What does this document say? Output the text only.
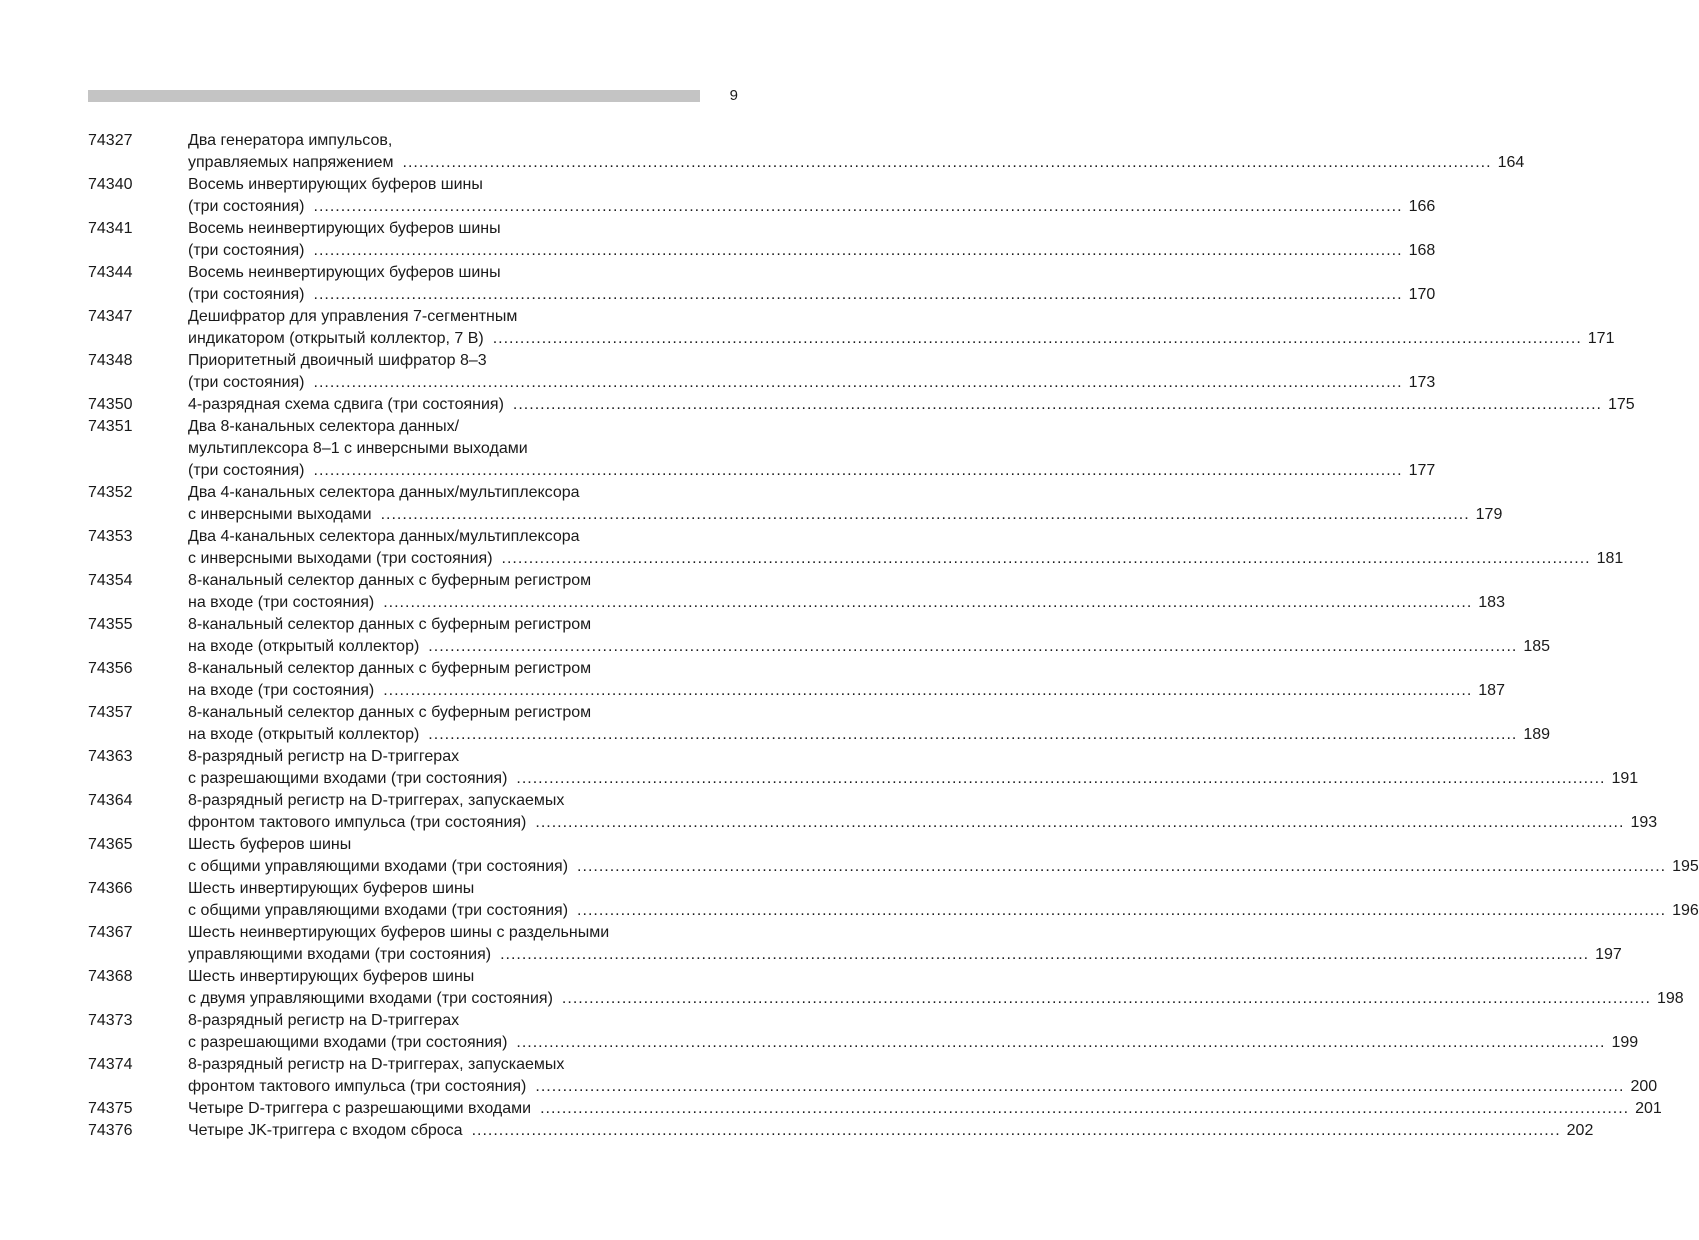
9
74327	Два генератора импульсов,
управляемых напряжением ........................................................................................................................................................................................................ 164
74340	Восемь инвертирующих буферов шины
(три состояния) ........................................................................................................................................................................................................ 166
74341	Восемь неинвертирующих буферов шины
(три состояния) ........................................................................................................................................................................................................ 168
74344	Восемь неинвертирующих буферов шины
(три состояния) ........................................................................................................................................................................................................ 170
74347	Дешифратор для управления 7-сегментным
индикатором (открытый коллектор, 7 В) ........................................................................................................................................................................................................ 171
74348	Приоритетный двоичный шифратор 8–3
(три состояния) ........................................................................................................................................................................................................ 173
74350	4-разрядная схема сдвига (три состояния) ........................................................................................................................................................................................................ 175
74351	Два 8-канальных селектора данных/
мультиплексора 8–1 с инверсными выходами
(три состояния) ........................................................................................................................................................................................................ 177
74352	Два 4-канальных селектора данных/мультиплексора
с инверсными выходами ........................................................................................................................................................................................................ 179
74353	Два 4-канальных селектора данных/мультиплексора
с инверсными выходами (три состояния) ........................................................................................................................................................................................................ 181
74354	8-канальный селектор данных с буферным регистром
на входе (три состояния) ........................................................................................................................................................................................................ 183
74355	8-канальный селектор данных с буферным регистром
на входе (открытый коллектор) ........................................................................................................................................................................................................ 185
74356	8-канальный селектор данных с буферным регистром
на входе (три состояния) ........................................................................................................................................................................................................ 187
74357	8-канальный селектор данных с буферным регистром
на входе (открытый коллектор) ........................................................................................................................................................................................................ 189
74363	8-разрядный регистр на D-триггерах
с разрешающими входами (три состояния) ........................................................................................................................................................................................................ 191
74364	8-разрядный регистр на D-триггерах, запускаемых
фронтом тактового импульса (три состояния) ........................................................................................................................................................................................................ 193
74365	Шесть буферов шины
с общими управляющими входами (три состояния) ........................................................................................................................................................................................................ 195
74366	Шесть инвертирующих буферов шины
с общими управляющими входами (три состояния) ........................................................................................................................................................................................................ 196
74367	Шесть неинвертирующих буферов шины с раздельными
управляющими входами (три состояния) ........................................................................................................................................................................................................ 197
74368	Шесть инвертирующих буферов шины
с двумя управляющими входами (три состояния) ........................................................................................................................................................................................................ 198
74373	8-разрядный регистр на D-триггерах
с разрешающими входами (три состояния) ........................................................................................................................................................................................................ 199
74374	8-разрядный регистр на D-триггерах, запускаемых
фронтом тактового импульса (три состояния) ........................................................................................................................................................................................................ 200
74375	Четыре D-триггера с разрешающими входами ........................................................................................................................................................................................................ 201
74376	Четыре JK-триггера с входом сброса ........................................................................................................................................................................................................ 202
